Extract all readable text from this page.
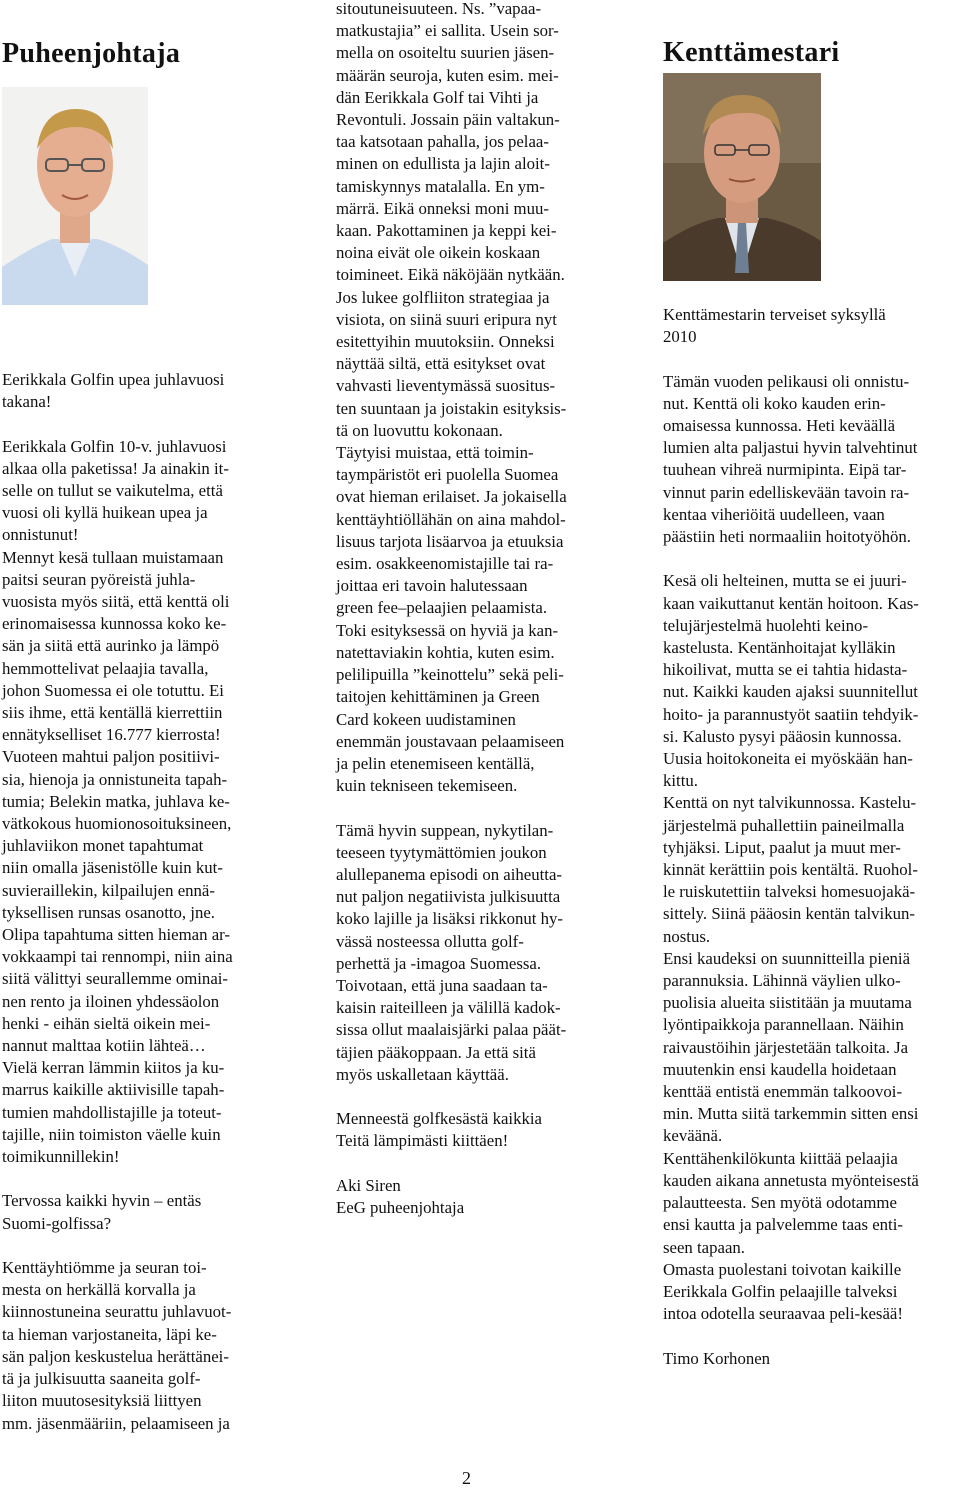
Puheenjohtaja
Eerikkala Golfin upea juhlavuosi
takana!
Eerikkala Golfin 10-v. juhlavuosi
alkaa olla paketissa! Ja ainakin it-
selle on tullut se vaikutelma, että
vuosi oli kyllä huikean upea ja
onnistunut!
Mennyt kesä tullaan muistamaan
paitsi seuran pyöreistä juhla-
vuosista myös siitä, että kenttä oli
erinomaisessa kunnossa koko ke-
sän ja siitä että aurinko ja lämpö
hemmottelivat pelaajia tavalla,
johon Suomessa ei ole totuttu. Ei
siis ihme, että kentällä kierrettiin
ennätykselliset 16.777 kierrosta!
Vuoteen mahtui paljon positiivi-
sia, hienoja ja onnistuneita tapah-
tumia; Belekin matka, juhlava ke-
vätkokous huomionosoituksineen,
juhlaviikon monet tapahtumat
niin omalla jäsenistölle kuin kut-
suvieraillekin, kilpailujen ennä-
tyksellisen runsas osanotto, jne.
Olipa tapahtuma sitten hieman ar-
vokkaampi tai rennompi, niin aina
siitä välittyi seurallemme ominai-
nen rento ja iloinen yhdessäolon
henki - eihän sieltä oikein mei-
nannut malttaa kotiin lähteä…
Vielä kerran lämmin kiitos ja ku-
marrus kaikille aktiivisille tapah-
tumien mahdollistajille ja toteut-
tajille, niin toimiston väelle kuin
toimikunnillekin!
Tervossa kaikki hyvin – entäs
Suomi-golfissa?
Kenttäyhtiömme ja seuran toi-
mesta on herkällä korvalla ja
kiinnostuneina seurattu juhlavuot-
ta hieman varjostaneita, läpi ke-
sän paljon keskustelua herättänei-
tä ja julkisuutta saaneita golf-
liiton muutosesityksiä liittyen
mm. jäsenmääriin, pelaamiseen ja
sitoutuneisuuteen. Ns. ”vapaa-
matkustajia” ei sallita. Usein sor-
mella on osoiteltu suurien jäsen-
määrän seuroja, kuten esim. mei-
dän Eerikkala Golf tai Vihti ja
Revontuli. Jossain päin valtakun-
taa katsotaan pahalla, jos pelaa-
minen on edullista ja lajin aloit-
tamiskynnys matalalla. En ym-
märrä. Eikä onneksi moni muu-
kaan. Pakottaminen ja keppi kei-
noina eivät ole oikein koskaan
toimineet. Eikä näköjään nytkään.
Jos lukee golfliiton strategiaa ja
visiota, on siinä suuri eripura nyt
esitettyihin muutoksiin. Onneksi
näyttää siltä, että esitykset ovat
vahvasti lieventymässä suositus-
ten suuntaan ja joistakin esityksis-
tä on luovuttu kokonaan.
Täytyisi muistaa, että toimin-
taympäristöt eri puolella Suomea
ovat hieman erilaiset. Ja jokaisella
kenttäyhtiöllähän on aina mahdol-
lisuus tarjota lisäarvoa ja etuuksia
esim. osakkeenomistajille tai ra-
joittaa eri tavoin halutessaan
green fee–pelaajien pelaamista.
Toki esityksessä on hyviä ja kan-
natettaviakin kohtia, kuten esim.
pelilipuilla ”keinottelu” sekä peli-
taitojen kehittäminen ja Green
Card kokeen uudistaminen
enemmän joustavaan pelaamiseen
ja pelin etenemiseen kentällä,
kuin tekniseen tekemiseen.
Tämä hyvin suppean, nykytilan-
teeseen tyytymättömien joukon
alullepanema episodi on aiheutta-
nut paljon negatiivista julkisuutta
koko lajille ja lisäksi rikkonut hy-
vässä nosteessa ollutta golf-
perhettä ja -imagoa Suomessa.
Toivotaan, että juna saadaan ta-
kaisin raiteilleen ja välillä kadok-
sissa ollut maalaisjärki palaa päät-
täjien pääkoppaan. Ja että sitä
myös uskalletaan käyttää.
Menneestä golfkesästä kaikkia
Teitä lämpimästi kiittäen!
Aki Siren
EeG puheenjohtaja
Kenttämestari
Kenttämestarin terveiset syksyllä
2010
Tämän vuoden pelikausi oli onnistu-
nut. Kenttä oli koko kauden erin-
omaisessa kunnossa. Heti keväällä
lumien alta paljastui hyvin talvehtinut
tuuhean vihreä nurmipinta. Eipä tar-
vinnut parin edelliskevään tavoin ra-
kentaa viheriöitä uudelleen, vaan
päästiin heti normaaliin hoitotyöhön.
Kesä oli helteinen, mutta se ei juuri-
kaan vaikuttanut kentän hoitoon. Kas-
telujärjestelmä huolehti keino-
kastelusta. Kentänhoitajat kylläkin
hikoilivat, mutta se ei tahtia hidasta-
nut. Kaikki kauden ajaksi suunnitellut
hoito- ja parannustyöt saatiin tehdyik-
si. Kalusto pysyi pääosin kunnossa.
Uusia hoitokoneita ei myöskään han-
kittu.
Kenttä on nyt talvikunnossa. Kastelu-
järjestelmä puhallettiin paineilmalla
tyhjäksi. Liput, paalut ja muut mer-
kinnät kerättiin pois kentältä. Ruohol-
le ruiskutettiin talveksi homesuojakä-
sittely. Siinä pääosin kentän talvikun-
nostus.
Ensi kaudeksi on suunnitteilla pieniä
parannuksia. Lähinnä väylien ulko-
puolisia alueita siistitään ja muutama
lyöntipaikkoja parannellaan. Näihin
raivaustöihin järjestetään talkoita. Ja
muutenkin ensi kaudella hoidetaan
kenttää entistä enemmän talkoovoi-
min. Mutta siitä tarkemmin sitten ensi
keväänä.
Kenttähenkilökunta kiittää pelaajia
kauden aikana annetusta myönteisestä
palautteesta. Sen myötä odotamme
ensi kautta ja palvelemme taas enti-
seen tapaan.
Omasta puolestani toivotan kaikille
Eerikkala Golfin pelaajille talveksi
intoa odotella seuraavaa peli-kesää!
Timo Korhonen
2
